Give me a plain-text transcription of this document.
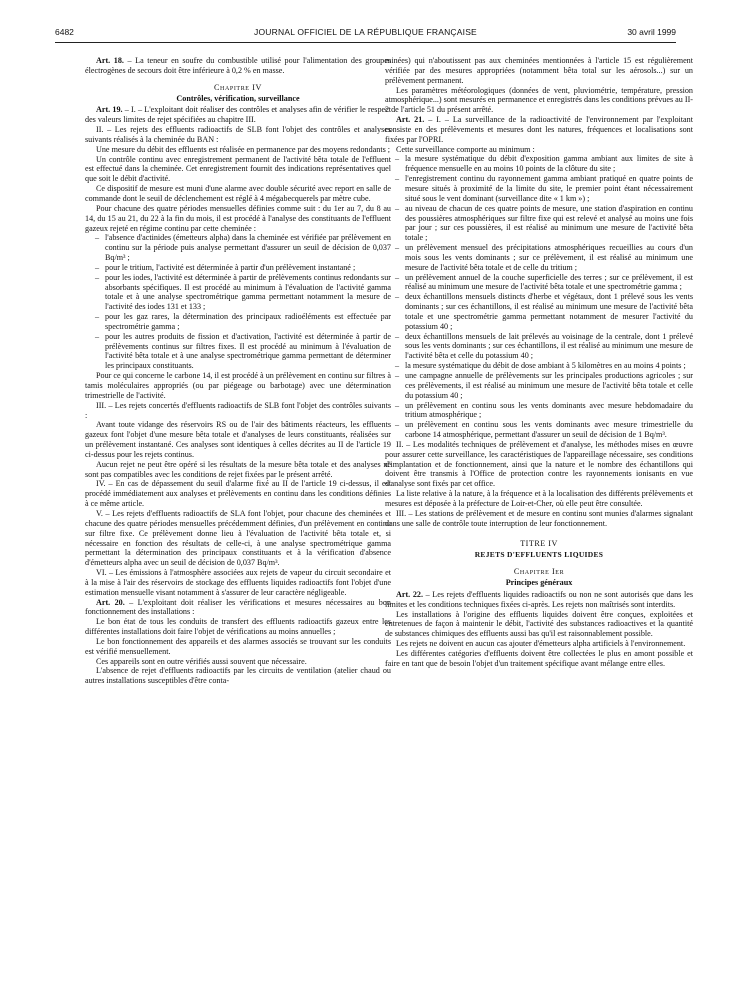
6482	JOURNAL OFFICIEL DE LA RÉPUBLIQUE FRANÇAISE	30 avril 1999

Art. 18. – La teneur en soufre du combustible utilisé pour l'alimentation des groupes électrogènes de secours doit être inférieure à 0,2 % en masse.

Chapitre IV
Contrôles, vérification, surveillance

Art. 19. – I. – L'exploitant doit réaliser des contrôles et analyses afin de vérifier le respect des valeurs limites de rejet spécifiées au chapitre III.

II. – Les rejets des effluents radioactifs de SLB font l'objet des contrôles et analyses suivants réalisés à la cheminée du BAN :

Une mesure du débit des effluents est réalisée en permanence par des moyens redondants ;

Un contrôle continu avec enregistrement permanent de l'activité bêta totale de l'effluent est effectué dans la cheminée. Cet enregistrement fournit des indications représentatives quel que soit le débit d'activité.

Ce dispositif de mesure est muni d'une alarme avec double sécurité avec report en salle de commande dont le seuil de déclenchement est réglé à 4 mégabecquerels par mètre cube.

Pour chacune des quatre périodes mensuelles définies comme suit : du 1er au 7, du 8 au 14, du 15 au 21, du 22 à la fin du mois, il est procédé à l'analyse des constituants de l'effluent gazeux rejeté en régime continu par cette cheminée :

– l'absence d'actinides (émetteurs alpha) dans la cheminée est vérifiée par prélèvement en continu sur la période puis analyse permettant d'assurer un seuil de décision de 0,037 Bq/m³ ;
– pour le tritium, l'activité est déterminée à partir d'un prélèvement instantané ;
– pour les iodes, l'activité est déterminée à partir de prélèvements continus redondants sur absorbants spécifiques. Il est procédé au minimum à l'évaluation de l'activité gamma totale et à une analyse spectrométrique gamma permettant notamment la mesure de l'activité des iodes 131 et 133 ;
– pour les gaz rares, la détermination des principaux radioéléments est effectuée par spectrométrie gamma ;
– pour les autres produits de fission et d'activation, l'activité est déterminée à partir de prélèvements continus sur filtres fixes. Il est procédé au minimum à l'évaluation de l'activité bêta totale et à une analyse spectrométrique gamma permettant de déterminer les principaux constituants.

Pour ce qui concerne le carbone 14, il est procédé à un prélèvement en continu sur filtres à tamis moléculaires appropriés (ou par piégeage ou barbotage) avec une détermination trimestrielle de l'activité.

III. – Les rejets concertés d'effluents radioactifs de SLB font l'objet des contrôles suivants :

Avant toute vidange des réservoirs RS ou de l'air des bâtiments réacteurs, les effluents gazeux font l'objet d'une mesure bêta totale et d'analyses de leurs constituants, réalisées sur un prélèvement instantané. Ces analyses sont identiques à celles décrites au II de l'article 19 ci-dessus pour les rejets continus.

Aucun rejet ne peut être opéré si les résultats de la mesure bêta totale et des analyses ne sont pas compatibles avec les conditions de rejet fixées par le présent arrêté.

IV. – En cas de dépassement du seuil d'alarme fixé au II de l'article 19 ci-dessus, il est procédé immédiatement aux analyses et prélèvements en continu dans les conditions définies à ce même article.

V. – Les rejets d'effluents radioactifs de SLA font l'objet, pour chacune des cheminées et chacune des quatre périodes mensuelles précédemment définies, d'un prélèvement en continu sur filtre fixe. Ce prélèvement donne lieu à l'évaluation de l'activité bêta totale et, si nécessaire en fonction des résultats de celle-ci, à une analyse spectrométrique gamma permettant la détermination des principaux constituants et à la vérification d'absence d'émetteurs alpha avec un seuil de décision de 0,037 Bq/m³.

VI. – Les émissions à l'atmosphère associées aux rejets de vapeur du circuit secondaire et à la mise à l'air des réservoirs de stockage des effluents liquides radioactifs font l'objet d'une estimation mensuelle visant notamment à s'assurer de leur caractère négligeable.

Art. 20. – L'exploitant doit réaliser les vérifications et mesures nécessaires au bon fonctionnement des installations :

Le bon état de tous les conduits de transfert des effluents radioactifs gazeux entre les différentes installations doit faire l'objet de vérifications au moins annuelles ;

Le bon fonctionnement des appareils et des alarmes associés se trouvant sur les conduits est vérifié mensuellement.

Ces appareils sont en outre vérifiés aussi souvent que nécessaire.

L'absence de rejet d'effluents radioactifs par les circuits de ventilation (atelier chaud ou autres installations susceptibles d'être conta-

minées) qui n'aboutissent pas aux cheminées mentionnées à l'article 15 est régulièrement vérifiée par des mesures appropriées (notamment bêta total sur les aérosols...) sur un prélèvement permanent.

Les paramètres météorologiques (données de vent, pluviométrie, température, pression atmosphérique...) sont mesurés en permanence et enregistrés dans les conditions prévues au II-2 de l'article 51 du présent arrêté.

Art. 21. – I. – La surveillance de la radioactivité de l'environnement par l'exploitant consiste en des prélèvements et mesures dont les natures, fréquences et localisations sont fixées par l'OPRI.

Cette surveillance comporte au minimum :

– la mesure systématique du débit d'exposition gamma ambiant aux limites de site à fréquence mensuelle en au moins 10 points de la clôture du site ;
– l'enregistrement continu du rayonnement gamma ambiant pratiqué en quatre points de mesure situés à proximité de la limite du site, le premier point étant nécessairement situé sous le vent dominant (surveillance dite « 1 km ») ;
– au niveau de chacun de ces quatre points de mesure, une station d'aspiration en continu des poussières atmosphériques sur filtre fixe qui est relevé et analysé au moins une fois par jour ; sur ces poussières, il est réalisé au minimum une mesure de l'activité bêta totale ;
– un prélèvement mensuel des précipitations atmosphériques recueillies au cours d'un mois sous les vents dominants ; sur ce prélèvement, il est réalisé au minimum une mesure de l'activité bêta totale et de celle du tritium ;
– un prélèvement annuel de la couche superficielle des terres ; sur ce prélèvement, il est réalisé au minimum une mesure de l'activité bêta totale et une spectrométrie gamma ;
– deux échantillons mensuels distincts d'herbe et végétaux, dont 1 prélevé sous les vents dominants ; sur ces échantillons, il est réalisé au minimum une mesure de l'activité bêta totale et une spectrométrie gamma permettant notamment de mesurer l'activité du potassium 40 ;
– deux échantillons mensuels de lait prélevés au voisinage de la centrale, dont 1 prélevé sous les vents dominants ; sur ces échantillons, il est réalisé au minimum une mesure de l'activité bêta et celle du potassium 40 ;
– la mesure systématique du débit de dose ambiant à 5 kilomètres en au moins 4 points ;
– une campagne annuelle de prélèvements sur les principales productions agricoles ; sur ces prélèvements, il est réalisé au minimum une mesure de l'activité bêta totale et celle du potassium 40 ;
– un prélèvement en continu sous les vents dominants avec mesure hebdomadaire du tritium atmosphérique ;
– un prélèvement en continu sous les vents dominants avec mesure trimestrielle du carbone 14 atmosphérique, permettant d'assurer un seuil de décision de 1 Bq/m³.

II. – Les modalités techniques de prélèvement et d'analyse, les méthodes mises en œuvre pour assurer cette surveillance, les caractéristiques de l'appareillage nécessaire, ses conditions d'implantation et de fonctionnement, ainsi que la nature et le nombre des échantillons qui doivent être transmis à l'Office de protection contre les rayonnements ionisants en vue d'analyse sont fixés par cet office.

La liste relative à la nature, à la fréquence et à la localisation des différents prélèvements et mesures est déposée à la préfecture de Loir-et-Cher, où elle peut être consultée.

III. – Les stations de prélèvement et de mesure en continu sont munies d'alarmes signalant dans une salle de contrôle toute interruption de leur fonctionnement.

TITRE IV
REJETS D'EFFLUENTS LIQUIDES
Chapitre Ier
Principes généraux

Art. 22. – Les rejets d'effluents liquides radioactifs ou non ne sont autorisés que dans les limites et les conditions techniques fixées ci-après. Les rejets non maîtrisés sont interdits.

Les installations à l'origine des effluents liquides doivent être conçues, exploitées et entretenues de façon à maintenir le débit, l'activité des substances radioactives et la quantité de substances chimiques des effluents aussi bas qu'il est raisonnablement possible.

Les rejets ne doivent en aucun cas ajouter d'émetteurs alpha artificiels à l'environnement.

Les différentes catégories d'effluents doivent être collectées le plus en amont possible et faire en tant que de besoin l'objet d'un traitement spécifique avant mélange entre elles.
